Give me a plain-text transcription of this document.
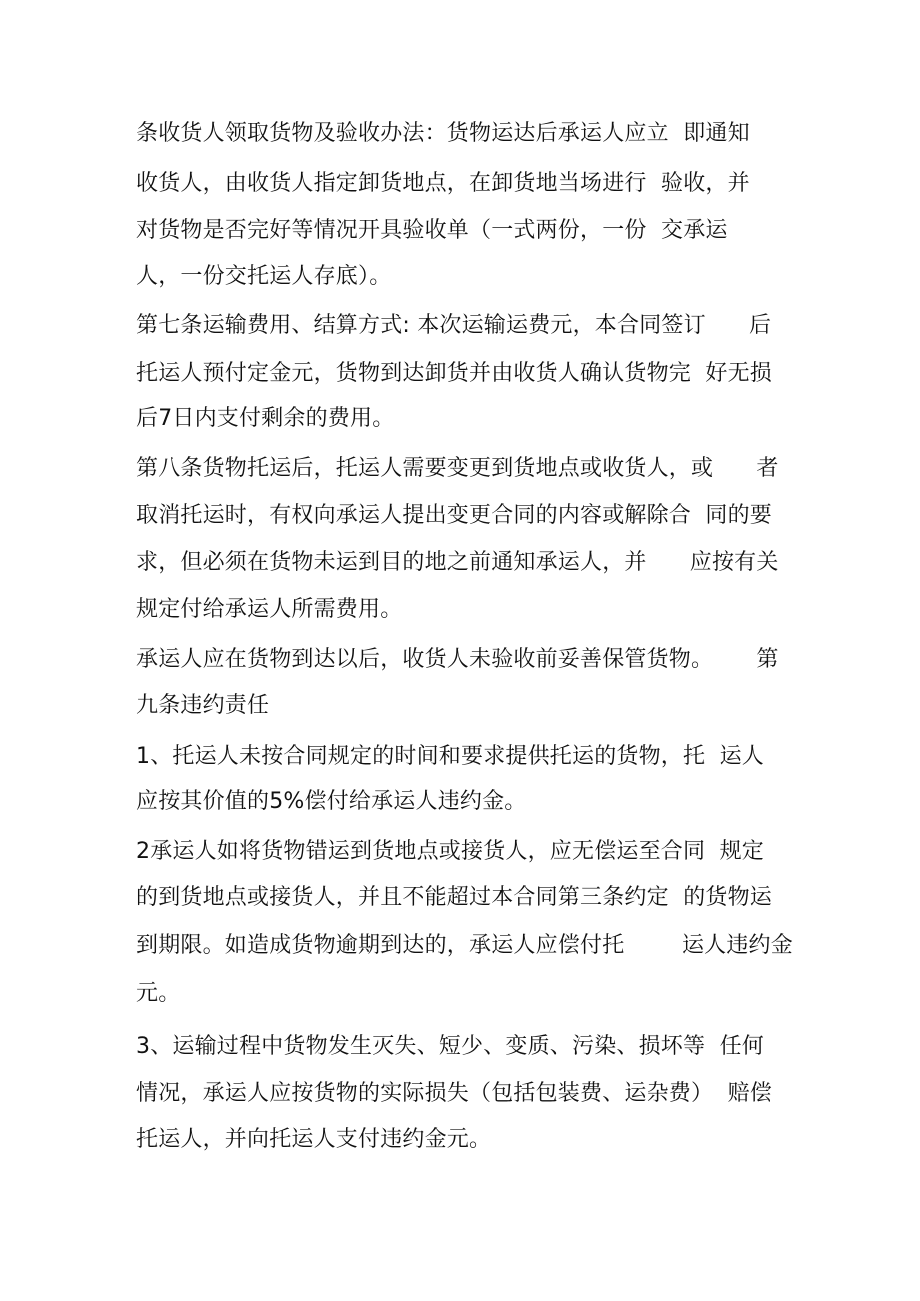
条收货人领取货物及验收办法：货物运达后承运人应立  即通知
收货人，由收货人指定卸货地点，在卸货地当场进行  验收，并
对货物是否完好等情况开具验收单（一式两份，一份  交承运
人，一份交托运人存底）。
第七条运输费用、结算方式: 本次运输运费元，本合同签订      后
托运人预付定金元，货物到达卸货并由收货人确认货物完  好无损
后7日内支付剩余的费用。
第八条货物托运后，托运人需要变更到货地点或收货人，或      者
取消托运时，有权向承运人提出变更合同的内容或解除合  同的要
求，但必须在货物未运到目的地之前通知承运人，并      应按有关
规定付给承运人所需费用。
承运人应在货物到达以后，收货人未验收前妥善保管货物。      第
九条违约责任
1、托运人未按合同规定的时间和要求提供托运的货物，托  运人
应按其价值的5%偿付给承运人违约金。
2承运人如将货物错运到货地点或接货人，应无偿运至合同  规定
的到货地点或接货人，并且不能超过本合同第三条约定  的货物运
到期限。如造成货物逾期到达的，承运人应偿付托        运人违约金
元。
3、运输过程中货物发生灭失、短少、变质、污染、损坏等  任何
情况，承运人应按货物的实际损失（包括包装费、运杂费）  赔偿
托运人，并向托运人支付违约金元。
